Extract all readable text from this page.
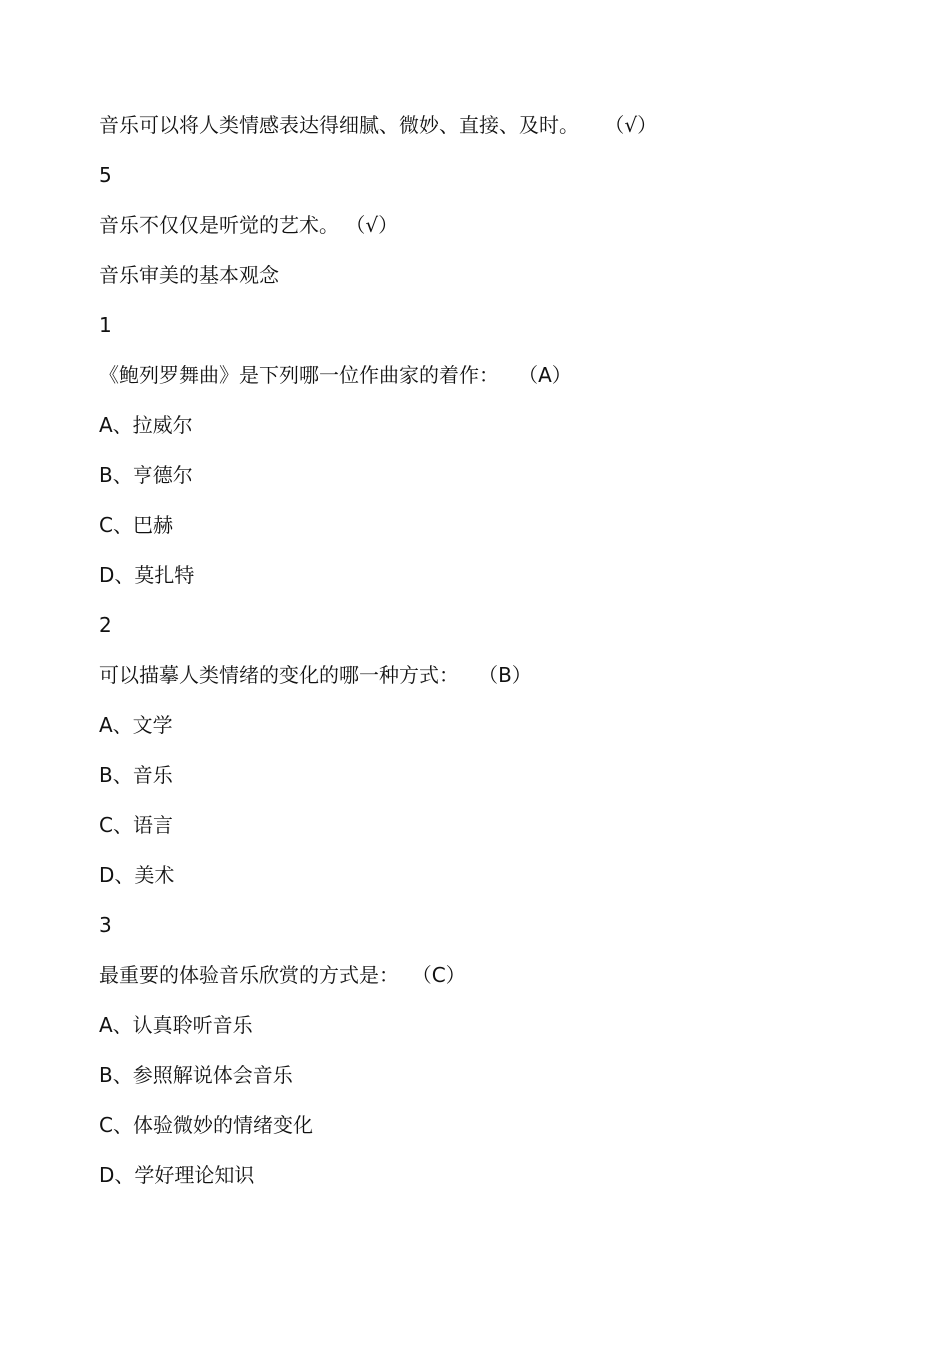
音乐可以将人类情感表达得细腻、微妙、直接、及时。    （√）
5
音乐不仅仅是听觉的艺术。 （√）
音乐审美的基本观念
1
《鲍列罗舞曲》是下列哪一位作曲家的着作：   （A）
A、拉威尔
B、亨德尔
C、巴赫
D、莫扎特
2
可以描摹人类情绪的变化的哪一种方式：   （B）
A、文学
B、音乐
C、语言
D、美术
3
最重要的体验音乐欣赏的方式是：  （C）
A、认真聆听音乐
B、参照解说体会音乐
C、体验微妙的情绪变化
D、学好理论知识
